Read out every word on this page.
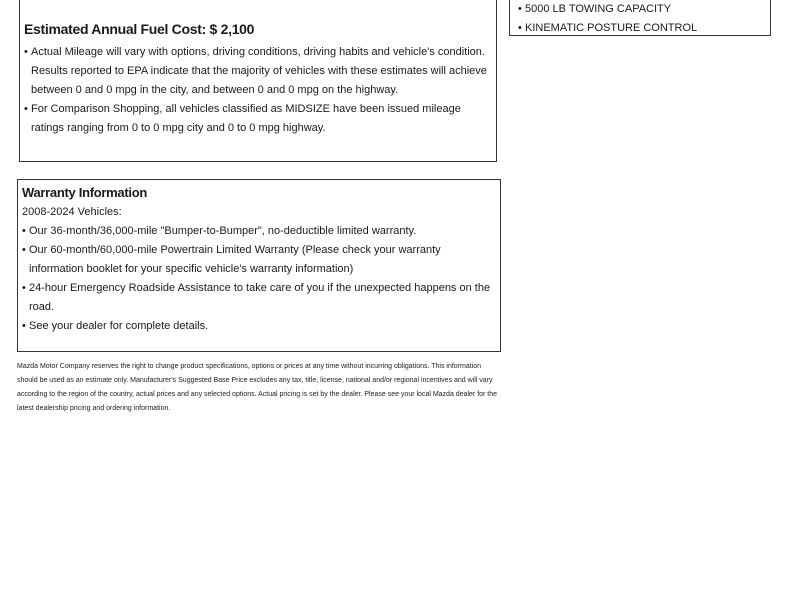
Estimated Annual Fuel Cost: $ 2,100
• Actual Mileage will vary with options, driving conditions, driving habits and vehicle's condition. Results reported to EPA indicate that the majority of vehicles with these estimates will achieve between 0 and 0 mpg in the city, and between 0 and 0 mpg on the highway.
• For Comparison Shopping, all vehicles classified as MIDSIZE have been issued mileage ratings ranging from 0 to 0 mpg city and 0 to 0 mpg highway.
• 5000 LB TOWING CAPACITY
• KINEMATIC POSTURE CONTROL
Warranty Information
2008-2024 Vehicles:
• Our 36-month/36,000-mile "Bumper-to-Bumper", no-deductible limited warranty.
• Our 60-month/60,000-mile Powertrain Limited Warranty (Please check your warranty information booklet for your specific vehicle's warranty information)
• 24-hour Emergency Roadside Assistance to take care of you if the unexpected happens on the road.
• See your dealer for complete details.

Mazda Motor Company reserves the right to change product specifications, options or prices at any time without incurring obligations. This information should be used as an estimate only. Manufacturer's Suggested Base Price excludes any tax, title, license, national and/or regional incentives and will vary according to the region of the country, actual prices and any selected options. Actual pricing is set by the dealer. Please see your local Mazda dealer for the latest dealership pricing and ordering information.
